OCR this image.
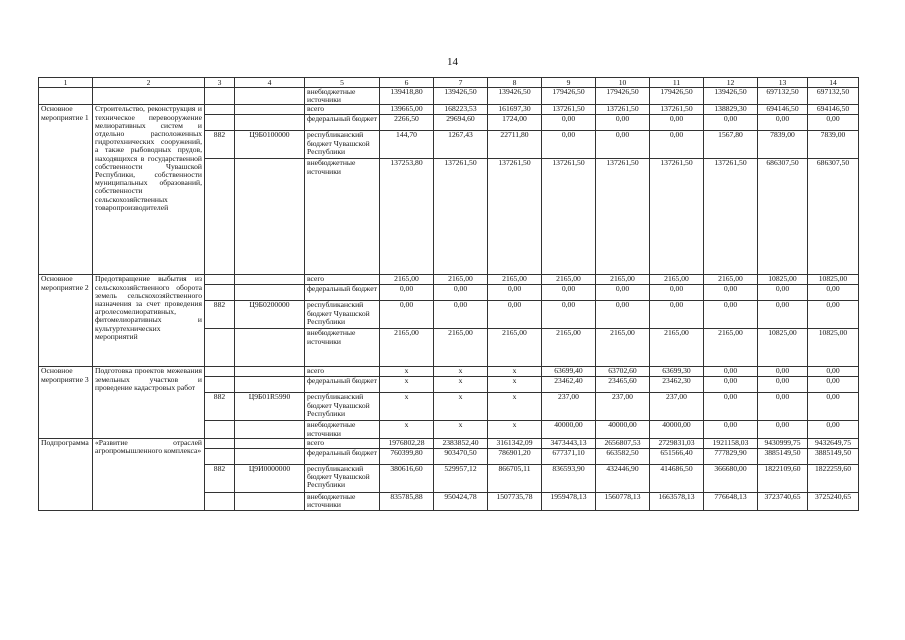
14
1	2	3	4	5	6	7	8	9	10	11	12	13	14
				внебюджетные источники	139418,80	139426,50	139426,50	179426,50	179426,50	179426,50	139426,50	697132,50	697132,50
Основное мероприятие 1	Строительство, реконструкция и техническое перевооружение мелиоративных систем и отдельно расположенных гидротехнических сооружений, а также рыбоводных прудов, находящихся в государственной собственности Чувашской Республики, собственности муниципальных образований, собственности сельскохозяйственных товаропроизводителей			всего	139665,00	168223,53	161697,30	137261,50	137261,50	137261,50	138829,30	694146,50	694146,50
				федеральный бюджет	2266,50	29694,60	1724,00	0,00	0,00	0,00	0,00	0,00	0,00
		882	Ц9Б0100000	республиканский бюджет Чувашской Республики	144,70	1267,43	22711,80	0,00	0,00	0,00	1567,80	7839,00	7839,00
				внебюджетные источники	137253,80	137261,50	137261,50	137261,50	137261,50	137261,50	137261,50	686307,50	686307,50
Основное мероприятие 2	Предотвращение выбытия из сельскохозяйственного оборота земель сельскохозяйственного назначения за счет проведения агролесомелиоративных, фитомелиоративных и культуртехнических мероприятий			всего	2165,00	2165,00	2165,00	2165,00	2165,00	2165,00	2165,00	10825,00	10825,00
				федеральный бюджет	0,00	0,00	0,00	0,00	0,00	0,00	0,00	0,00	0,00
		882	Ц9Б0200000	республиканский бюджет Чувашской Республики	0,00	0,00	0,00	0,00	0,00	0,00	0,00	0,00	0,00
				внебюджетные источники	2165,00	2165,00	2165,00	2165,00	2165,00	2165,00	2165,00	10825,00	10825,00
Основное мероприятие 3	Подготовка проектов межевания земельных участков и проведение кадастровых работ			всего	x	x	x	63699,40	63702,60	63699,30	0,00	0,00	0,00
				федеральный бюджет	x	x	x	23462,40	23465,60	23462,30	0,00	0,00	0,00
		882	Ц9Б01R5990	республиканский бюджет Чувашской Республики	x	x	x	237,00	237,00	237,00	0,00	0,00	0,00
				внебюджетные источники	x	x	x	40000,00	40000,00	40000,00	0,00	0,00	0,00
Подпрограмма	«Развитие отраслей агропромышленного комплекса»			всего	1976802,28	2383852,40	3161342,09	3473443,13	2656807,53	2729831,03	1921158,03	9430999,75	9432649,75
				федеральный бюджет	760399,80	903470,50	786901,20	677371,10	663582,50	651566,40	777829,90	3885149,50	3885149,50
		882	Ц9И0000000	республиканский бюджет Чувашской Республики	380616,60	529957,12	866705,11	836593,90	432446,90	414686,50	366680,00	1822109,60	1822259,60
				внебюджетные источники	835785,88	950424,78	1507735,78	1959478,13	1560778,13	1663578,13	776648,13	3723740,65	3725240,65
